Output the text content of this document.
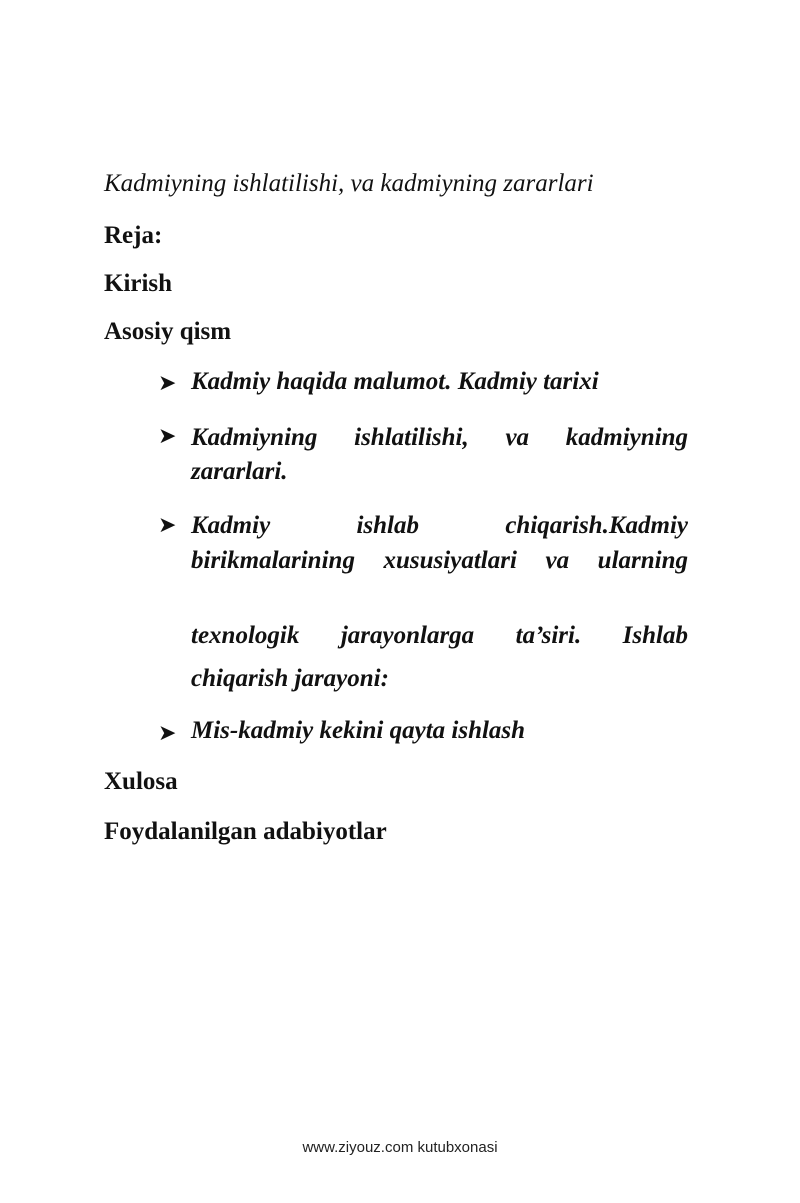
Kadmiyning ishlatilishi, va kadmiyning zararlari
Reja:
Kirish
Asosiy qism
➤ Kadmiy haqida malumot. Kadmiy tarixi
➤ Kadmiyning ishlatilishi, va kadmiyning
zararlari.
➤ Kadmiy ishlab chiqarish.Kadmiy
birikmalarining xususiyatlari va ularning
texnologik jarayonlarga ta’siri. Ishlab
chiqarish jarayoni:
➤ Mis-kadmiy kekini qayta ishlash
Xulosa
Foydalanilgan adabiyotlar
www.ziyouz.com kutubxonasi
